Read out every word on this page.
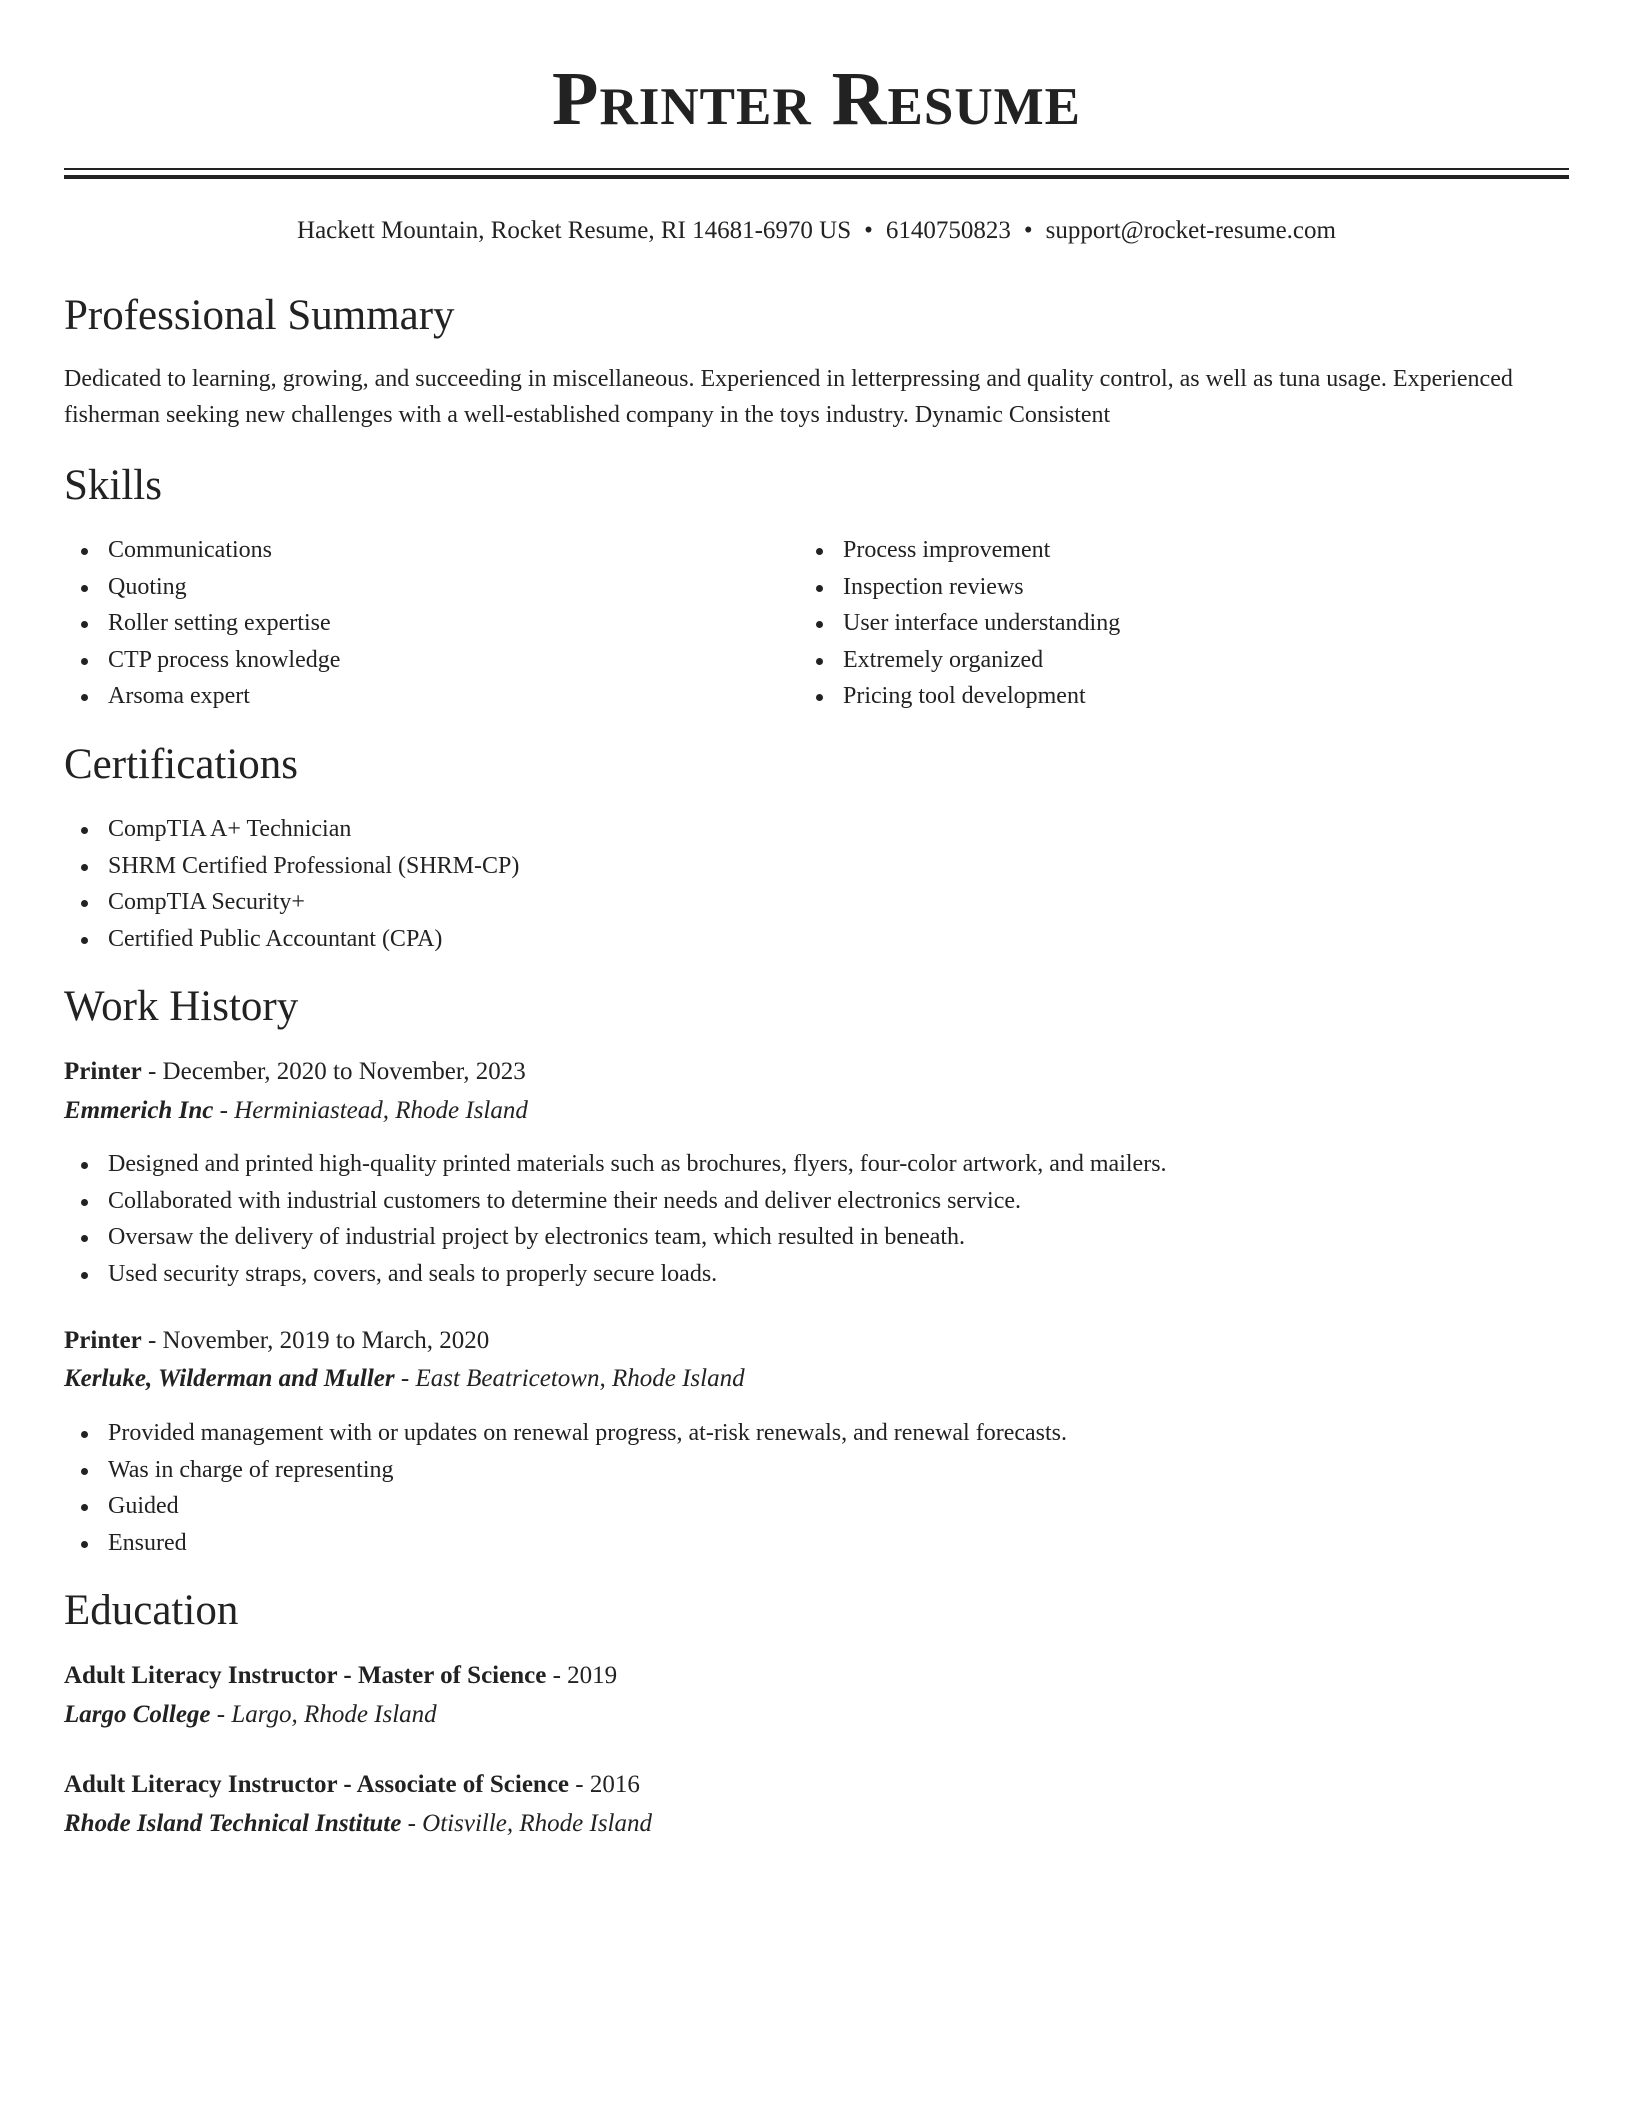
Printer Resume
Hackett Mountain, Rocket Resume, RI 14681-6970 US • 6140750823 • support@rocket-resume.com
Professional Summary

Dedicated to learning, growing, and succeeding in miscellaneous. Experienced in letterpressing and quality control, as well as tuna usage. Experienced fisherman seeking new challenges with a well-established company in the toys industry. Dynamic Consistent

Skills
Communications
Quoting
Roller setting expertise
CTP process knowledge
Arsoma expert
Process improvement
Inspection reviews
User interface understanding
Extremely organized
Pricing tool development
Certifications
CompTIA A+ Technician
SHRM Certified Professional (SHRM-CP)
CompTIA Security+
Certified Public Accountant (CPA)
Work History
Printer - December, 2020 to November, 2023
Emmerich Inc - Herminiastead, Rhode Island
Designed and printed high-quality printed materials such as brochures, flyers, four-color artwork, and mailers.
Collaborated with industrial customers to determine their needs and deliver electronics service.
Oversaw the delivery of industrial project by electronics team, which resulted in beneath.
Used security straps, covers, and seals to properly secure loads.
Printer - November, 2019 to March, 2020
Kerluke, Wilderman and Muller - East Beatricetown, Rhode Island
Provided management with or updates on renewal progress, at-risk renewals, and renewal forecasts.
Was in charge of representing
Guided
Ensured
Education
Adult Literacy Instructor - Master of Science - 2019
Largo College - Largo, Rhode Island
Adult Literacy Instructor - Associate of Science - 2016
Rhode Island Technical Institute - Otisville, Rhode Island
